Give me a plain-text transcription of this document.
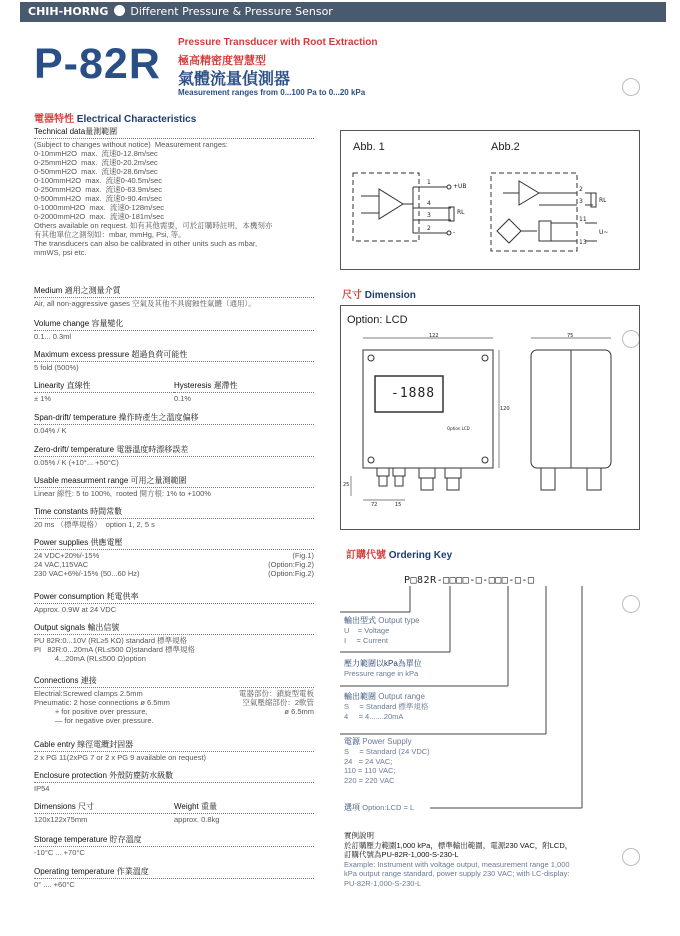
CHIH-HORNG Different Pressure & Pressure Sensor
P-82R Pressure Transducer with Root Extraction
極高精密度智慧型
氣體流量偵測器
Measurement ranges from 0...100 Pa to 0...20 kPa
電器特性 Electrical Characteristics
Technical data量測範圍
(Subject to changes without notice)  Measurement ranges:
0-10mmH2O  max.  流速0-12.8m/sec
0-25mmH2O  max.  流速0-20.2m/sec
0-50mmH2O  max.  流速0-28.6m/sec
0-100mmH2O  max.  流速0-40.5m/sec
0-250mmH2O  max.  流速0-63.9m/sec
0-500mmH2O  max.  流速0-90.4m/sec
0-1000mmH2O  max.  流速0-128m/sec
0-2000mmH2O  max.  流速0-181m/sec
Others available on request. 如有其他需要，可於訂購時註明，本機刻亦
有其他單位之測刻如：mbar, mmHg, Psi, 等。
The transducers can also be calibrated in other units such as mbar,
mmWS, psi etc.
Medium 適用之測量介質
Air, all non-aggressive gases 空氣及其他不具腐蝕性氣體（通用）。
Volume change 容量變化
0.1... 0.3ml
Maximum excess pressure 超過負荷可能性
5 fold (500%)
Linearity 直線性
± 1%
Hysteresis 遲滯性
0.1%
Span-drift/ temperature 操作時產生之溫度偏移
0.04% / K
Zero-drift/ temperature 電器溫度時漂移誤差
0.05% / K (+10°... +50°C)
Usable measurment range 可用之量測範圍
Linear 線性: 5 to 100%,  rooted 開方根: 1% to +100%
Time constants 時間常數
20 ms （標準規格）  option 1, 2, 5 s
Power supplies 供應電壓
24 VDC+20%/-15%	(Fig.1)
24 VAC,115VAC	(Option:Fig.2)
230 VAC+6%/-15% (50...60 Hz)	(Option:Fig.2)
Power consumption 耗電供率
Approx. 0.9W at 24 VDC
Output signals 輸出信號
PU 82R:0...10V (RL≥5 KΩ) standard 標準規格
PI   82R:0...20mA (RL≤500 Ω)standard 標準規格
4...20mA (RL≤500 Ω)option
Connections 連接
Electrial:Screwed clamps 2.5mm	電器部份：鎖旋型電板
Pneumatic: 2 hose connections ø 6.5mm	空氣壓縮部份：2軟管
+ for positive over pressure,	ø 6.5mm
— for negative over pressure.
Cable entry 線徑電纜封固器
2 x PG 11(2xPG 7 or 2 x PG 9 available on request)
Enclosure protection 外殼防塵防水級數
IP54
Dimensions 尺寸
120x122x75mm
Weight 重量
approx. 0.8kg
Storage temperature 貯存溫度
-10°C ... +70°C
Operating temperature 作業溫度
0° .... +60°C
Abb. 1	Abb.2
1
4
3
2
+UB
RL
-
2
3
11
13
RL
U~
尺寸 Dimension
Option: LCD
122	75
120
25
72	15
-1888
Option LCD
訂購代號 Ordering Key
P□82R-□□□□-□-□□□-□-□
輸出型式 Output type
U    = Voltage
I     = Current
壓力範圍以kPa為單位
Pressure range in kPa
輸出範圍 Output range
S     = Standard 標準規格
4     = 4.......20mA
電源 Power Supply
S     = Standard (24 VDC)
24   = 24 VAC;
110 = 110 VAC;
220 = 220 VAC
選項 Option:LCD = L
實例說明
於訂購壓力範圍1,000 kPa，標準輸出範圍，電源230 VAC，附LCD，
訂購代號為PU-82R-1,000-S-230-L
Example: Instrument with voltage output, measurement range 1,000
kPa output range standard, power supply 230 VAC; with LC-display:
PU-82R-1,000-S-230-L
